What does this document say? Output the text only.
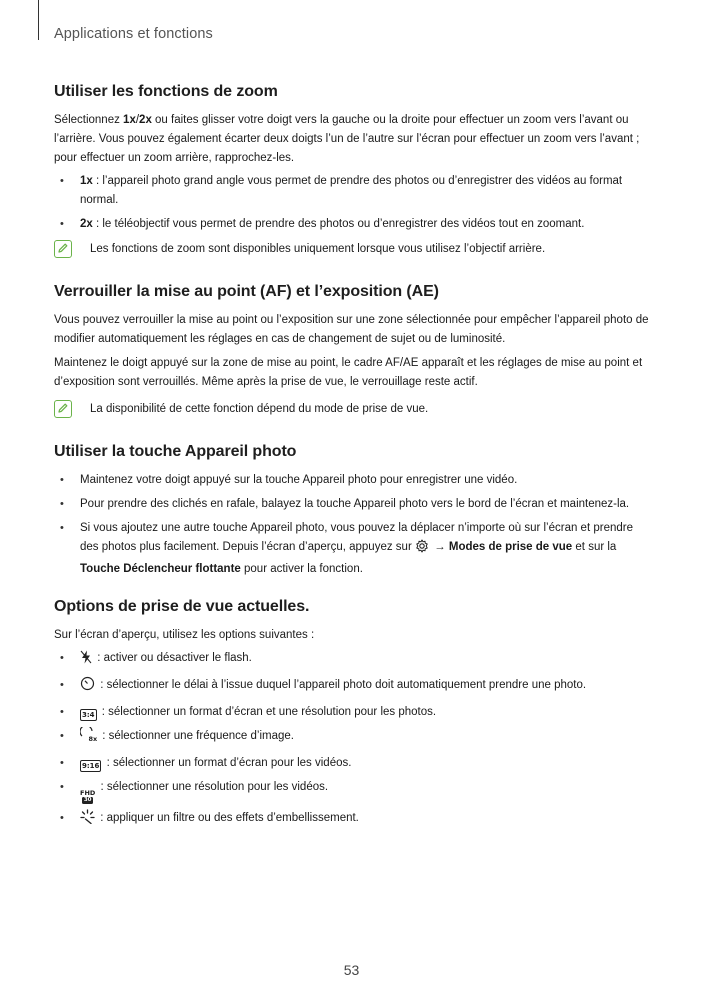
Applications et fonctions
Utiliser les fonctions de zoom

Sélectionnez 1x/2x ou faites glisser votre doigt vers la gauche ou la droite pour effectuer un zoom vers l’avant ou l’arrière. Vous pouvez également écarter deux doigts l’un de l’autre sur l’écran pour effectuer un zoom vers l’avant ; pour effectuer un zoom arrière, rapprochez-les.

• 1x : l’appareil photo grand angle vous permet de prendre des photos ou d’enregistrer des vidéos au format normal.
• 2x : le téléobjectif vous permet de prendre des photos ou d’enregistrer des vidéos tout en zoomant.
Les fonctions de zoom sont disponibles uniquement lorsque vous utilisez l’objectif arrière.
Verrouiller la mise au point (AF) et l’exposition (AE)

Vous pouvez verrouiller la mise au point ou l’exposition sur une zone sélectionnée pour empêcher l’appareil photo de modifier automatiquement les réglages en cas de changement de sujet ou de luminosité.

Maintenez le doigt appuyé sur la zone de mise au point, le cadre AF/AE apparaît et les réglages de mise au point et d’exposition sont verrouillés. Même après la prise de vue, le verrouillage reste actif.

La disponibilité de cette fonction dépend du mode de prise de vue.
Utiliser la touche Appareil photo
• Maintenez votre doigt appuyé sur la touche Appareil photo pour enregistrer une vidéo.
• Pour prendre des clichés en rafale, balayez la touche Appareil photo vers le bord de l’écran et maintenez-la.
• Si vous ajoutez une autre touche Appareil photo, vous pouvez la déplacer n’importe où sur l’écran et prendre des photos plus facilement. Depuis l’écran d’aperçu, appuyez sur  → Modes de prise de vue et sur la Touche Déclencheur flottante pour activer la fonction.
Options de prise de vue actuelles.

Sur l’écran d’aperçu, utilisez les options suivantes :

•	: activer ou désactiver le flash.
•	: sélectionner le délai à l’issue duquel l’appareil photo doit automatiquement prendre une photo.
•	3:4 : sélectionner un format d’écran et une résolution pour les photos.
•	8x : sélectionner une fréquence d’image.
•	9:16 : sélectionner un format d’écran pour les vidéos.
• FHD
30
: sélectionner une résolution pour les vidéos.
•	: appliquer un filtre ou des effets d’embellissement.
53
